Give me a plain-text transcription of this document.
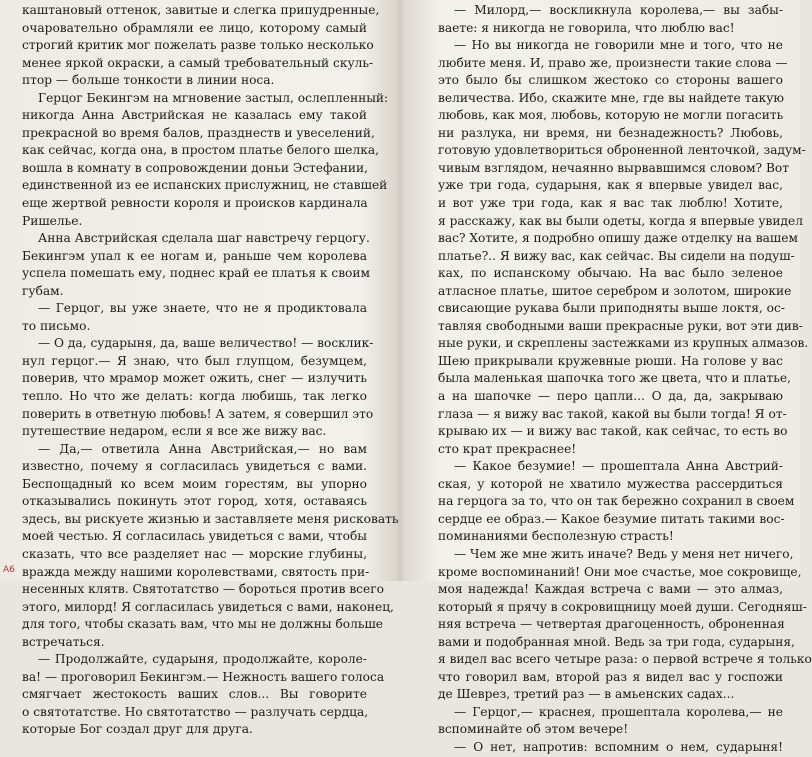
каштановый оттенок, завитые и слегка припудренные,
очаровательно обрамляли ее лицо, которому самый
строгий критик мог пожелать разве только несколько
менее яркой окраски, а самый требовательный скуль-
птор — больше тонкости в линии носа.
Герцог Бекингэм на мгновение застыл, ослепленный:
никогда Анна Австрийская не казалась ему такой
прекрасной во время балов, празднеств и увеселений,
как сейчас, когда она, в простом платье белого шелка,
вошла в комнату в сопровождении доньи Эстефании,
единственной из ее испанских прислужниц, не ставшей
еще жертвой ревности короля и происков кардинала
Ришелье.
Анна Австрийская сделала шаг навстречу герцогу.
Бекингэм упал к ее ногам и, раньше чем королева
успела помешать ему, поднес край ее платья к своим
губам.
— Герцог, вы уже знаете, что не я продиктовала
то письмо.
— О да, сударыня, да, ваше величество! — восклик-
нул герцог.— Я знаю, что был глупцом, безумцем,
поверив, что мрамор может ожить, снег — излучить
тепло. Но что же делать: когда любишь, так легко
поверить в ответную любовь! А затем, я совершил это
путешествие недаром, если я все же вижу вас.
— Да,— ответила Анна Австрийская,— но вам
известно, почему я согласилась увидеться с вами.
Беспощадный ко всем моим горестям, вы упорно
отказывались покинуть этот город, хотя, оставаясь
здесь, вы рискуете жизнью и заставляете меня рисковать
моей честью. Я согласилась увидеться с вами, чтобы
сказать, что все разделяет нас — морские глубины,
вражда между нашими королевствами, святость при-
несенных клятв. Святотатство — бороться против всего
этого, милорд! Я согласилась увидеться с вами, наконец,
для того, чтобы сказать вам, что мы не должны больше
встречаться.
— Продолжайте, сударыня, продолжайте, короле-
ва! — проговорил Бекингэм.— Нежность вашего голоса
смягчает жестокость ваших слов... Вы говорите
о святотатстве. Но святотатство — разлучать сердца,
которые Бог создал друг для друга.
— Милорд,— воскликнула королева,— вы забы-
ваете: я никогда не говорила, что люблю вас!
— Но вы никогда не говорили мне и того, что не
любите меня. И, право же, произнести такие слова —
это было бы слишком жестоко со стороны вашего
величества. Ибо, скажите мне, где вы найдете такую
любовь, как моя, любовь, которую не могли погасить
ни разлука, ни время, ни безнадежность? Любовь,
готовую удовлетвориться оброненной ленточкой, задум-
чивым взглядом, нечаянно вырвавшимся словом? Вот
уже три года, сударыня, как я впервые увидел вас,
и вот уже три года, как я вас так люблю! Хотите,
я расскажу, как вы были одеты, когда я впервые увидел
вас? Хотите, я подробно опишу даже отделку на вашем
платье?.. Я вижу вас, как сейчас. Вы сидели на подуш-
ках, по испанскому обычаю. На вас было зеленое
атласное платье, шитое серебром и золотом, широкие
свисающие рукава были приподняты выше локтя, ос-
тавляя свободными ваши прекрасные руки, вот эти див-
ные руки, и скреплены застежками из крупных алмазов.
Шею прикрывали кружевные рюши. На голове у вас
была маленькая шапочка того же цвета, что и платье,
а на шапочке — перо цапли... О да, да, закрываю
глаза — я вижу вас такой, какой вы были тогда! Я от-
крываю их — и вижу вас такой, как сейчас, то есть во
сто крат прекраснее!
— Какое безумие! — прошептала Анна Австрий-
ская, у которой не хватило мужества рассердиться
на герцога за то, что он так бережно сохранил в своем
сердце ее образ.— Какое безумие питать такими вос-
поминаниями бесполезную страсть!
— Чем же мне жить иначе? Ведь у меня нет ничего,
кроме воспоминаний! Они мое счастье, мое сокровище,
моя надежда! Каждая встреча с вами — это алмаз,
который я прячу в сокровищницу моей души. Сегодняш-
няя встреча — четвертая драгоценность, оброненная
вами и подобранная мной. Ведь за три года, сударыня,
я видел вас всего четыре раза: о первой встрече я только
что говорил вам, второй раз я видел вас у госпожи
де Шеврез, третий раз — в амьенских садах...
— Герцог,— краснея, прошептала королева,— не
вспоминайте об этом вечере!
— О нет, напротив: вспомним о нем, сударыня!
А6
